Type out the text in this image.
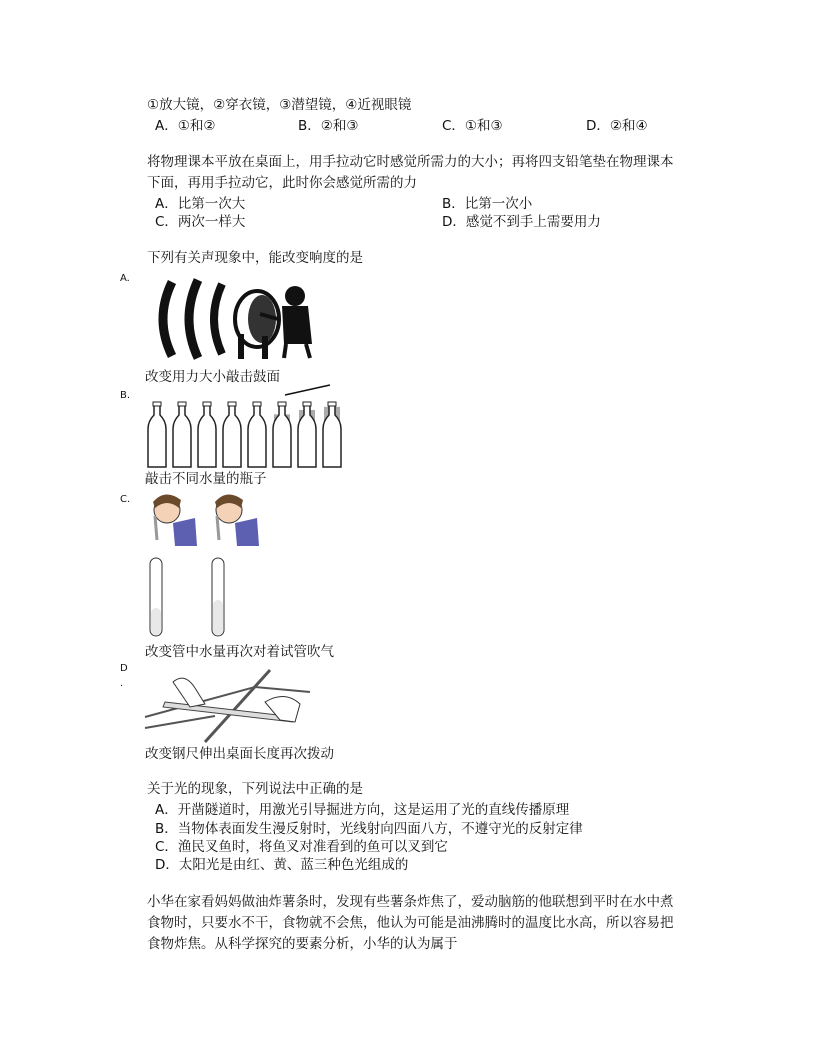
①放大镜，②穿衣镜，③潜望镜，④近视眼镜
A．①和②	B．②和③	C．①和③	D．②和④
将物理课本平放在桌面上，用手拉动它时感觉所需力的大小；再将四支铅笔垫在物理课本
下面，再用手拉动它，此时你会感觉所需的力
A．比第一次大	B．比第一次小
C．两次一样大	D．感觉不到手上需要用力
下列有关声现象中，能改变响度的是
A.
改变用力大小敲击鼓面
B.
敲击不同水量的瓶子
C.
改变管中水量再次对着试管吹气
D
.
改变钢尺伸出桌面长度再次拨动
关于光的现象，下列说法中正确的是
A．开凿隧道时，用激光引导掘进方向，这是运用了光的直线传播原理
B．当物体表面发生漫反射时，光线射向四面八方，不遵守光的反射定律
C．渔民叉鱼时，将鱼叉对准看到的鱼可以叉到它
D．太阳光是由红、黄、蓝三种色光组成的
小华在家看妈妈做油炸薯条时，发现有些薯条炸焦了，爱动脑筋的他联想到平时在水中煮
食物时，只要水不干，食物就不会焦，他认为可能是油沸腾时的温度比水高，所以容易把
食物炸焦。从科学探究的要素分析，小华的认为属于
